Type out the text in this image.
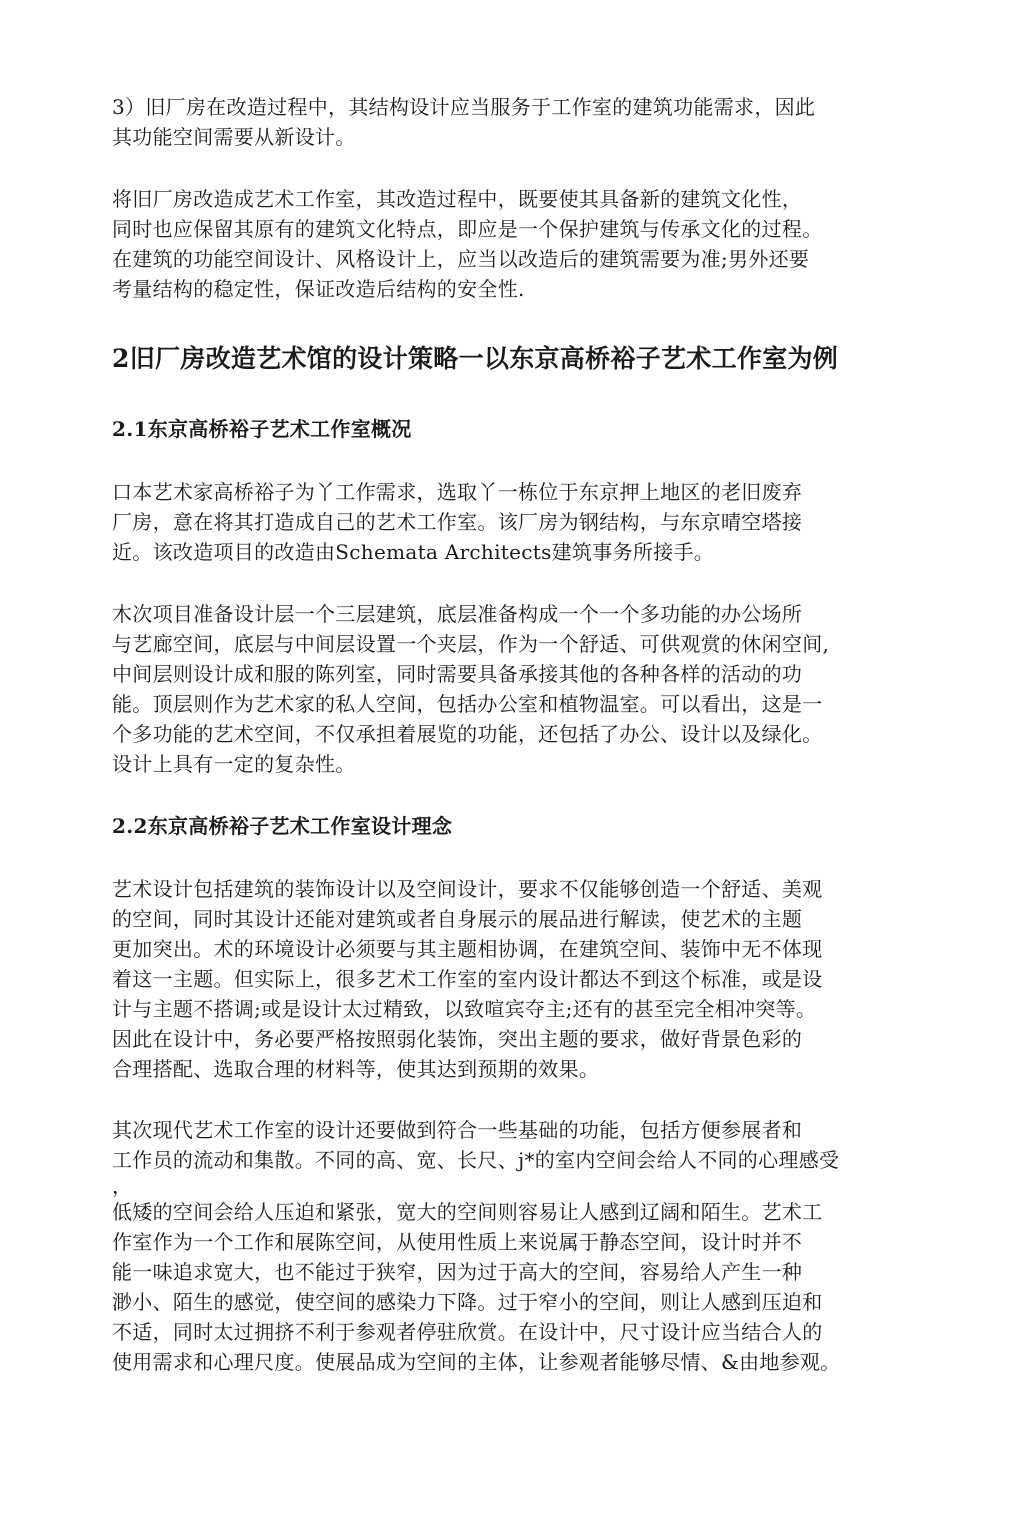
3）旧厂房在改造过程中，其结构设计应当服务于工作室的建筑功能需求，因此
其功能空间需要从新设计。

将旧厂房改造成艺术工作室，其改造过程中，既要使其具备新的建筑文化性，
同时也应保留其原有的建筑文化特点，即应是一个保护建筑与传承文化的过程。
在建筑的功能空间设计、风格设计上，应当以改造后的建筑需要为准;男外还要
考量结构的稳定性，保证改造后结构的安全性.

2旧厂房改造艺术馆的设计策略一以东京高桥裕子艺术工作室为例
2.1东京高桥裕子艺术工作室概况

口本艺术家高桥裕子为丫工作需求，选取丫一栋位于东京押上地区的老旧废弃
厂房，意在将其打造成自己的艺术工作室。该厂房为钢结构，与东京晴空塔接
近。该改造项目的改造由Schemata Architects建筑事务所接手。

木次项目准备设计层一个三层建筑，底层准备构成一个一个多功能的办公场所
与艺廊空间，底层与中间层设置一个夹层，作为一个舒适、可供观赏的休闲空间,
中间层则设计成和服的陈列室，同时需要具备承接其他的各种各样的活动的功
能。顶层则作为艺术家的私人空间，包括办公室和植物温室。可以看出，这是一
个多功能的艺术空间，不仅承担着展览的功能，还包括了办公、设计以及绿化。
设计上具有一定的复杂性。

2.2东京高桥裕子艺术工作室设计理念

艺术设计包括建筑的装饰设计以及空间设计，要求不仅能够创造一个舒适、美观
的空间，同时其设计还能对建筑或者自身展示的展品进行解读，使艺术的主题
更加突出。术的环境设计必须要与其主题相协调，在建筑空间、装饰中无不体现
着这一主题。但实际上，很多艺术工作室的室内设计都达不到这个标准，或是设
计与主题不搭调;或是设计太过精致，以致喧宾夺主;还有的甚至完全相冲突等。
因此在设计中，务必要严格按照弱化装饰，突出主题的要求，做好背景色彩的
合理搭配、选取合理的材料等，使其达到预期的效果。

其次现代艺术工作室的设计还要做到符合一些基础的功能，包括方便参展者和
工作员的流动和集散。不同的高、宽、长尺、j*的室内空间会给人不同的心理感受
，
低矮的空间会给人压迫和紧张，宽大的空间则容易让人感到辽阔和陌生。艺术工
作室作为一个工作和展陈空间，从使用性质上来说属于静态空间，设计时并不
能一味追求宽大，也不能过于狭窄，因为过于高大的空间，容易给人产生一种
渺小、陌生的感觉，使空间的感染力下降。过于窄小的空间，则让人感到压迫和
不适，同时太过拥挤不利于参观者停驻欣赏。在设计中，尺寸设计应当结合人的
使用需求和心理尺度。使展品成为空间的主体，让参观者能够尽情、&由地参观。
